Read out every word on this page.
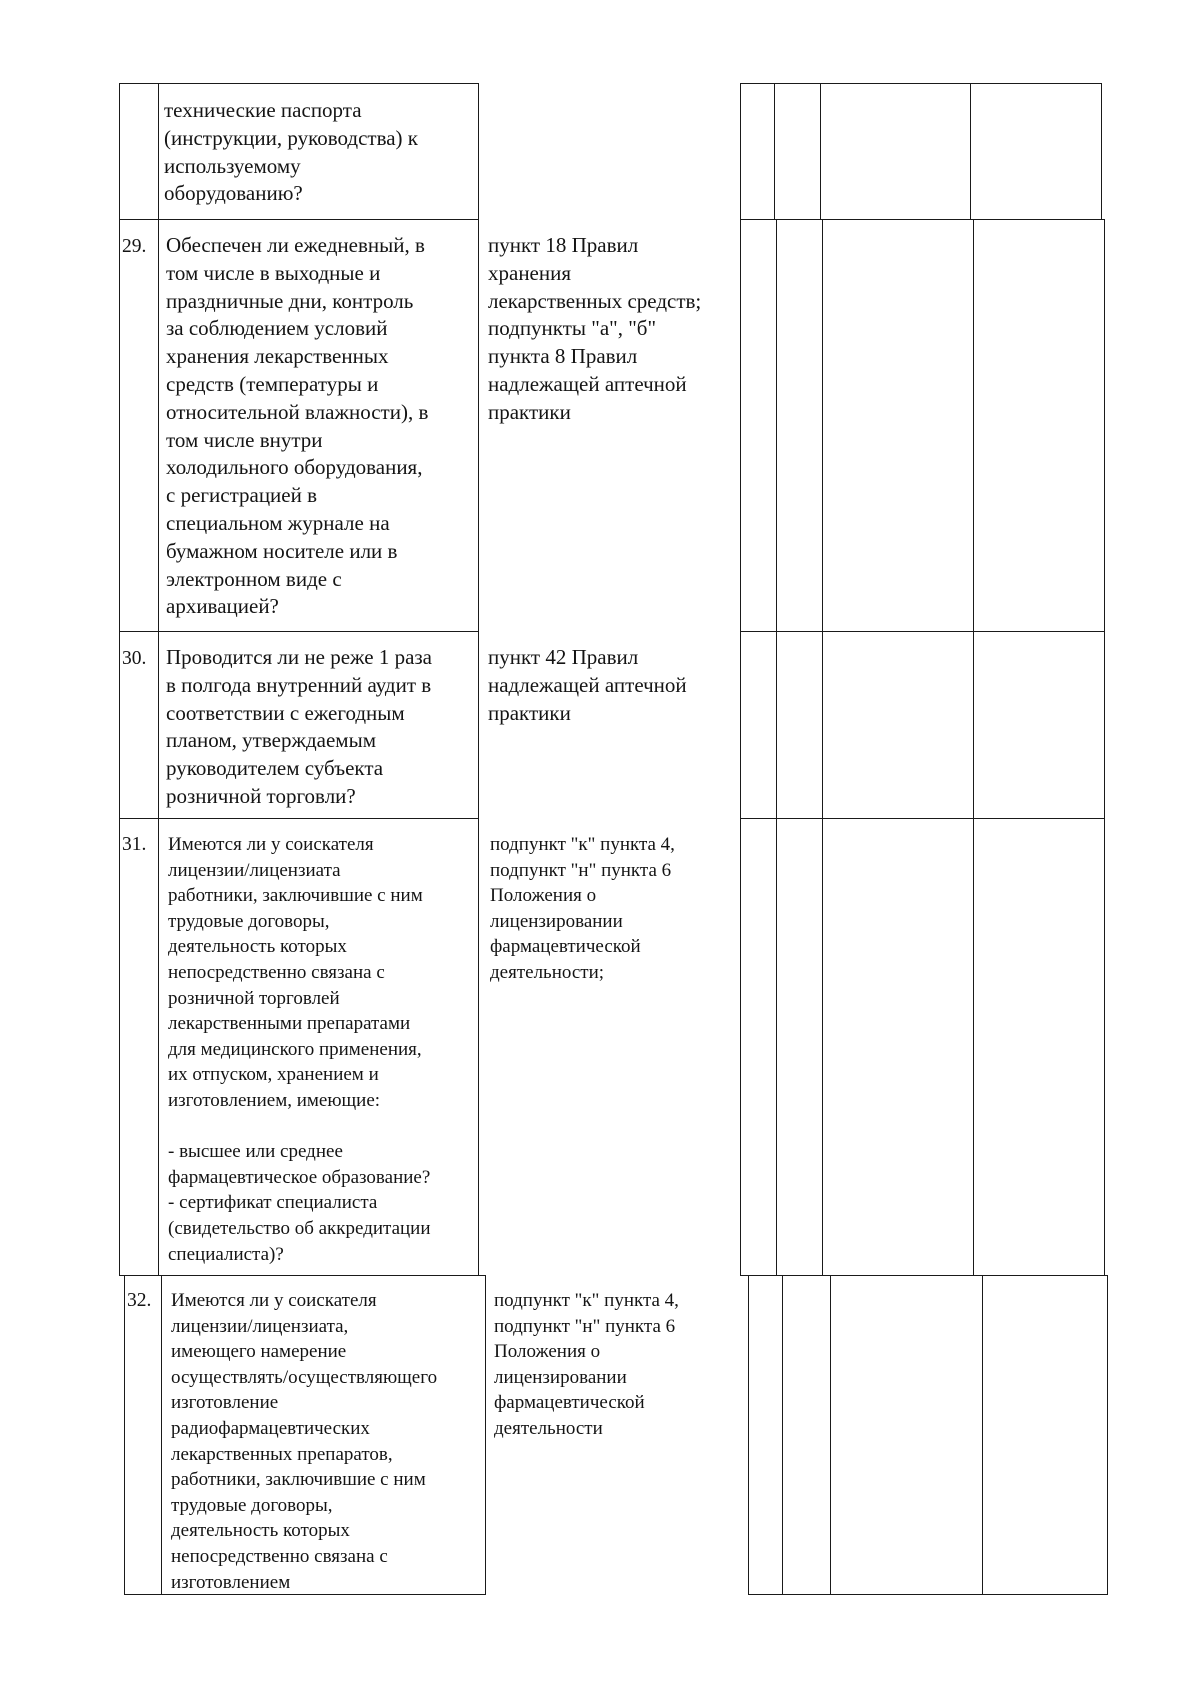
технические паспорта
(инструкции, руководства) к
используемому
оборудованию?
29. Обеспечен ли ежедневный, в
том числе в выходные и
праздничные дни, контроль
за соблюдением условий
хранения лекарственных
средств (температуры и
относительной влажности), в
том числе внутри
холодильного оборудования,
с регистрацией в
специальном журнале на
бумажном носителе или в
электронном виде с
архивацией?
пункт 18 Правил
хранения
лекарственных средств;
подпункты "а", "б"
пункта 8 Правил
надлежащей аптечной
практики
30. Проводится ли не реже 1 раза
в полгода внутренний аудит в
соответствии с ежегодным
планом, утверждаемым
руководителем субъекта
розничной торговли?
пункт 42 Правил
надлежащей аптечной
практики
31.	Имеются ли у соискателя
лицензии/лицензиата
работники, заключившие с ним
трудовые договоры,
деятельность которых
непосредственно связана с
розничной торговлей
лекарственными препаратами
для медицинского применения,
их отпуском, хранением и
изготовлением, имеющие:

- высшее или среднее
фармацевтическое образование?
- сертификат специалиста
(свидетельство об аккредитации
специалиста)?
подпункт "к" пункта 4,
подпункт "н" пункта 6
Положения о
лицензировании
фармацевтической
деятельности;
32.	Имеются ли у соискателя
лицензии/лицензиата,
имеющего намерение
осуществлять/осуществляющего
изготовление
радиофармацевтических
лекарственных препаратов,
работники, заключившие с ним
трудовые договоры,
деятельность которых
непосредственно связана с
изготовлением
подпункт "к" пункта 4,
подпункт "н" пункта 6
Положения о
лицензировании
фармацевтической
деятельности
